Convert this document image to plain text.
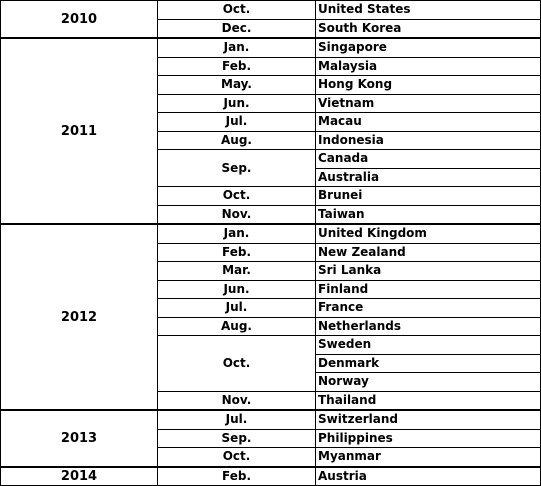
2010	Oct.	United States
	Dec.	South Korea
2011	Jan.	Singapore
	Feb.	Malaysia
	May.	Hong Kong
	Jun.	Vietnam
	Jul.	Macau
	Aug.	Indonesia
	Sep.	Canada
		Australia
	Oct.	Brunei
	Nov.	Taiwan
2012	Jan.	United Kingdom
	Feb.	New Zealand
	Mar.	Sri Lanka
	Jun.	Finland
	Jul.	France
	Aug.	Netherlands
	Oct.	Sweden
		Denmark
		Norway
	Nov.	Thailand
2013	Jul.	Switzerland
	Sep.	Philippines
	Oct.	Myanmar
2014	Feb.	Austria
